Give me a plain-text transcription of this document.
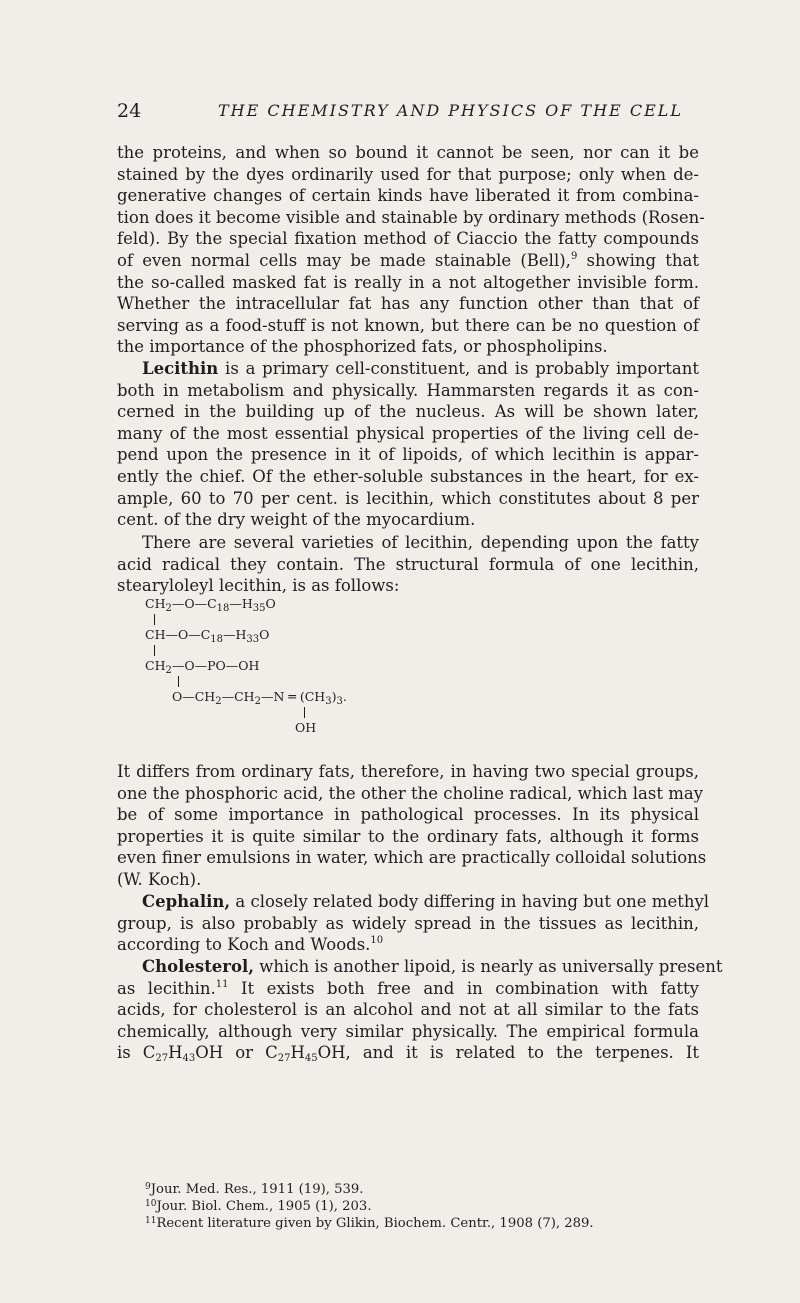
24	THE CHEMISTRY AND PHYSICS OF THE CELL

the proteins, and when so bound it cannot be seen, nor can it be
stained by the dyes ordinarily used for that purpose; only when de-
generative changes of certain kinds have liberated it from combina-
tion does it become visible and stainable by ordinary methods (Rosen-
feld). By the special fixation method of Ciaccio the fatty compounds
of even normal cells may be made stainable (Bell),$^9$ showing that
the so-called masked fat is really in a not altogether invisible form.
Whether the intracellular fat has any function other than that of
serving as a food-stuff is not known, but there can be no question of
the importance of the phosphorized fats, or phospholipins.

Lecithin is a primary cell-constituent, and is probably important
both in metabolism and physically. Hammarsten regards it as con-
cerned in the building up of the nucleus. As will be shown later,
many of the most essential physical properties of the living cell de-
pend upon the presence in it of lipoids, of which lecithin is appar-
ently the chief. Of the ether-soluble substances in the heart, for ex-
ample, 60 to 70 per cent. is lecithin, which constitutes about 8 per
cent. of the dry weight of the myocardium.

There are several varieties of lecithin, depending upon the fatty
acid radical they contain. The structural formula of one lecithin,
stearyloleyl lecithin, is as follows:

$CH_2—O—C_{18}—H_{35}O$
$CH—O—C_{18}—H_{33}O$
$CH_2—O—PO—OH$
$O—CH_2—CH_2—N$ ═ $(CH_3)_3$.
OH

It differs from ordinary fats, therefore, in having two special groups,
one the phosphoric acid, the other the choline radical, which last may
be of some importance in pathological processes. In its physical
properties it is quite similar to the ordinary fats, although it forms
even finer emulsions in water, which are practically colloidal solutions
(W. Koch).

Cephalin, a closely related body differing in having but one methyl
group, is also probably as widely spread in the tissues as lecithin,
according to Koch and Woods.$^{10}$

Cholesterol, which is another lipoid, is nearly as universally present
as lecithin.$^{11}$ It exists both free and in combination with fatty
acids, for cholesterol is an alcohol and not at all similar to the fats
chemically, although very similar physically. The empirical formula
is $C_{27}H_{43}OH$ or $C_{27}H_{45}OH$, and it is related to the terpenes. It

$^9$Jour. Med. Res., 1911 (19), 539.
$^{10}$Jour. Biol. Chem., 1905 (1), 203.
$^{11}$Recent literature given by Glikin, Biochem. Centr., 1908 (7), 289.
